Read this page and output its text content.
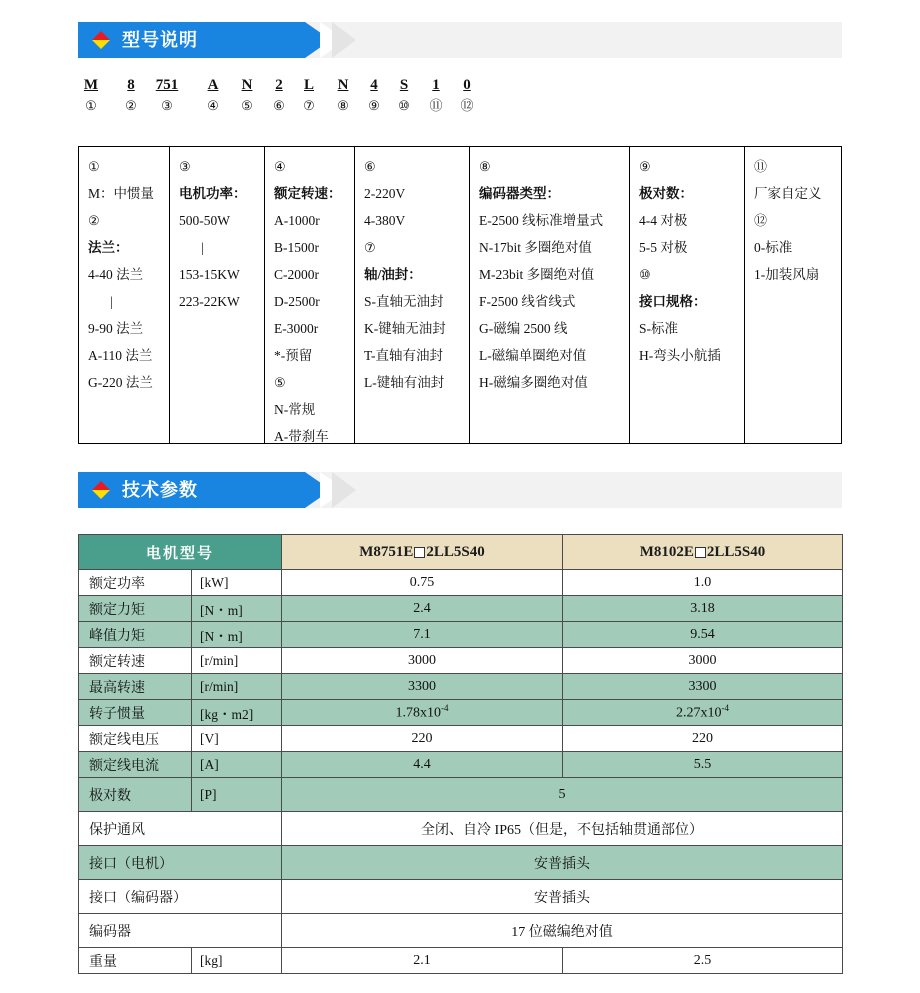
型号说明
M
①
8
②
751
③
A
④
N
⑤
2
⑥
L
⑦
N
⑧
4
⑨
S
⑩
1
⑪
0
⑫
①
M：中惯量
②
法兰：
4-40 法兰
|
9-90 法兰
A-110 法兰
G-220 法兰
③
电机功率：
500-50W
|
153-15KW
223-22KW
④
额定转速：
A-1000r
B-1500r
C-2000r
D-2500r
E-3000r
*-预留
⑤
N-常规
A-带刹车
⑥
2-220V
4-380V
⑦
轴/油封：
S-直轴无油封
K-键轴无油封
T-直轴有油封
L-键轴有油封
⑧
编码器类型：
E-2500 线标准增量式
N-17bit 多圈绝对值
M-23bit 多圈绝对值
F-2500 线省线式
G-磁编 2500 线
L-磁编单圈绝对值
H-磁编多圈绝对值
⑨
极对数：
4-4 对极
5-5 对极
⑩
接口规格：
S-标准
H-弯头小航插
⑪
厂家自定义
⑫
0-标准
1-加装风扇
技术参数
电机型号		M8751E 2LL5S40	M8102E 2LL5S40
额定功率	[kW]	0.75	1.0
额定力矩	[N・m]	2.4	3.18
峰值力矩	[N・m]	7.1	9.54
额定转速	[r/min]	3000	3000
最高转速	[r/min]	3300	3300
转子惯量	[kg・m2]	$1.78x10^{-4}$	$2.27x10^{-4}$
额定线电压	[V]	220	220
额定线电流	[A]	4.4	5.5
极对数	[P]	5	
保护通风		全闭、自冷 IP65（但是，不包括轴贯通部位）	
接口（电机）		安普插头	
接口（编码器）		安普插头	
编码器		17 位磁编绝对值	
重量	[kg]	2.1	2.5
